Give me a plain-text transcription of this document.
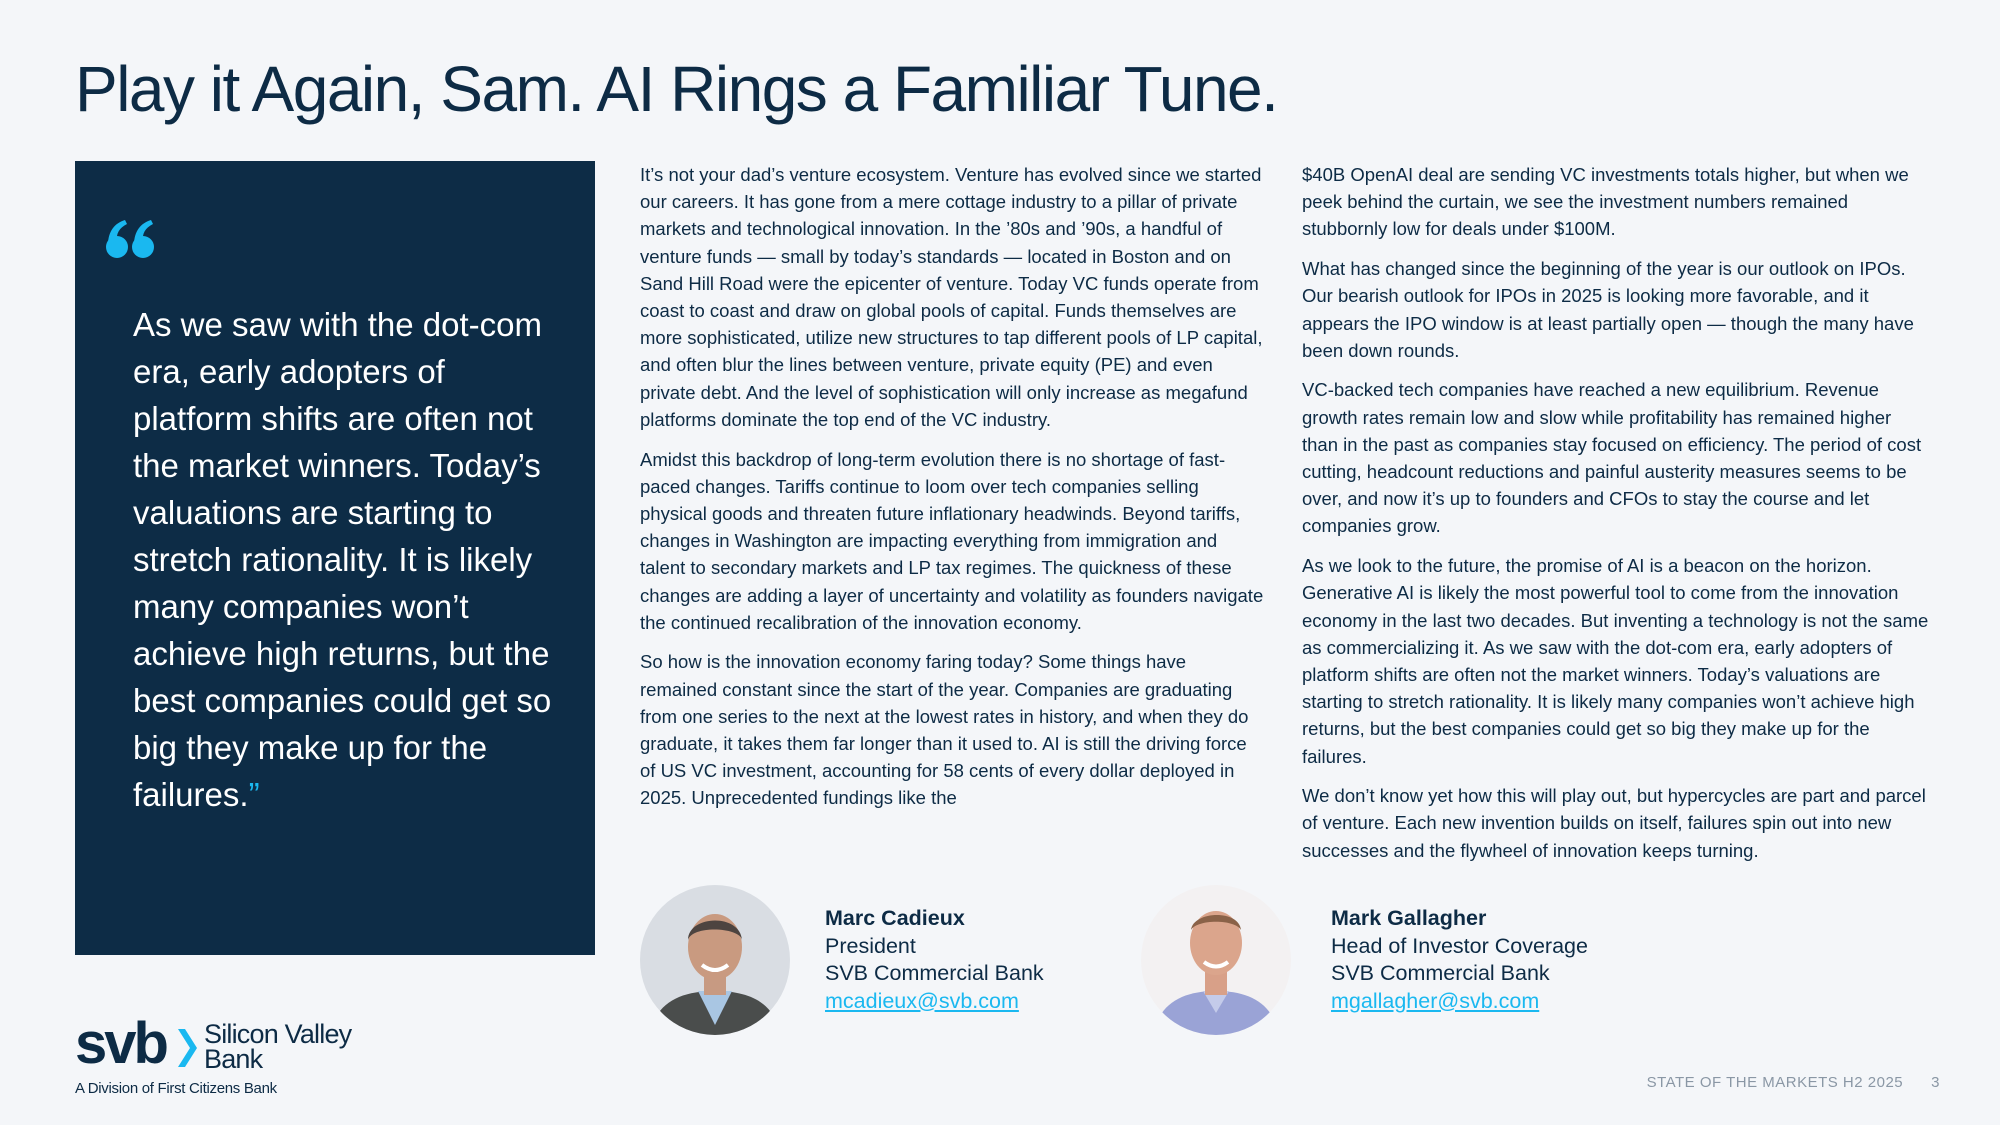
Play it Again, Sam. AI Rings a Familiar Tune.
As we saw with the dot-com era, early adopters of platform shifts are often not the market winners. Today’s valuations are starting to stretch rationality. It is likely many companies won’t achieve high returns, but the best companies could get so big they make up for the failures.”

It’s not your dad’s venture ecosystem. Venture has evolved since we started our careers. It has gone from a mere cottage industry to a pillar of private markets and technological innovation. In the ’80s and ’90s, a handful of venture funds — small by today’s standards — located in Boston and on Sand Hill Road were the epicenter of venture. Today VC funds operate from coast to coast and draw on global pools of capital. Funds themselves are more sophisticated, utilize new structures to tap different pools of LP capital, and often blur the lines between venture, private equity (PE) and even private debt. And the level of sophistication will only increase as megafund platforms dominate the top end of the VC industry.

Amidst this backdrop of long-term evolution there is no shortage of fast-paced changes. Tariffs continue to loom over tech companies selling physical goods and threaten future inflationary headwinds. Beyond tariffs, changes in Washington are impacting everything from immigration and talent to secondary markets and LP tax regimes. The quickness of these changes are adding a layer of uncertainty and volatility as founders navigate the continued recalibration of the innovation economy.

So how is the innovation economy faring today? Some things have remained constant since the start of the year. Companies are graduating from one series to the next at the lowest rates in history, and when they do graduate, it takes them far longer than it used to. AI is still the driving force of US VC investment, accounting for 58 cents of every dollar deployed in 2025. Unprecedented fundings like the

$40B OpenAI deal are sending VC investments totals higher, but when we peek behind the curtain, we see the investment numbers remained stubbornly low for deals under $100M.

What has changed since the beginning of the year is our outlook on IPOs. Our bearish outlook for IPOs in 2025 is looking more favorable, and it appears the IPO window is at least partially open — though the many have been down rounds.

VC-backed tech companies have reached a new equilibrium. Revenue growth rates remain low and slow while profitability has remained higher than in the past as companies stay focused on efficiency. The period of cost cutting, headcount reductions and painful austerity measures seems to be over, and now it’s up to founders and CFOs to stay the course and let companies grow.

As we look to the future, the promise of AI is a beacon on the horizon. Generative AI is likely the most powerful tool to come from the innovation economy in the last two decades. But inventing a technology is not the same as commercializing it. As we saw with the dot-com era, early adopters of platform shifts are often not the market winners. Today’s valuations are starting to stretch rationality. It is likely many companies won’t achieve high returns, but the best companies could get so big they make up for the failures.

We don’t know yet how this will play out, but hypercycles are part and parcel of venture. Each new invention builds on itself, failures spin out into new successes and the flywheel of innovation keeps turning.

Marc Cadieux
President
SVB Commercial Bank
mcadieux@svb.com
Mark Gallagher
Head of Investor Coverage
SVB Commercial Bank
mgallagher@svb.com
svb Silicon Valley
Bank
A Division of First Citizens Bank	STATE OF THE MARKETS H2 2025 3
